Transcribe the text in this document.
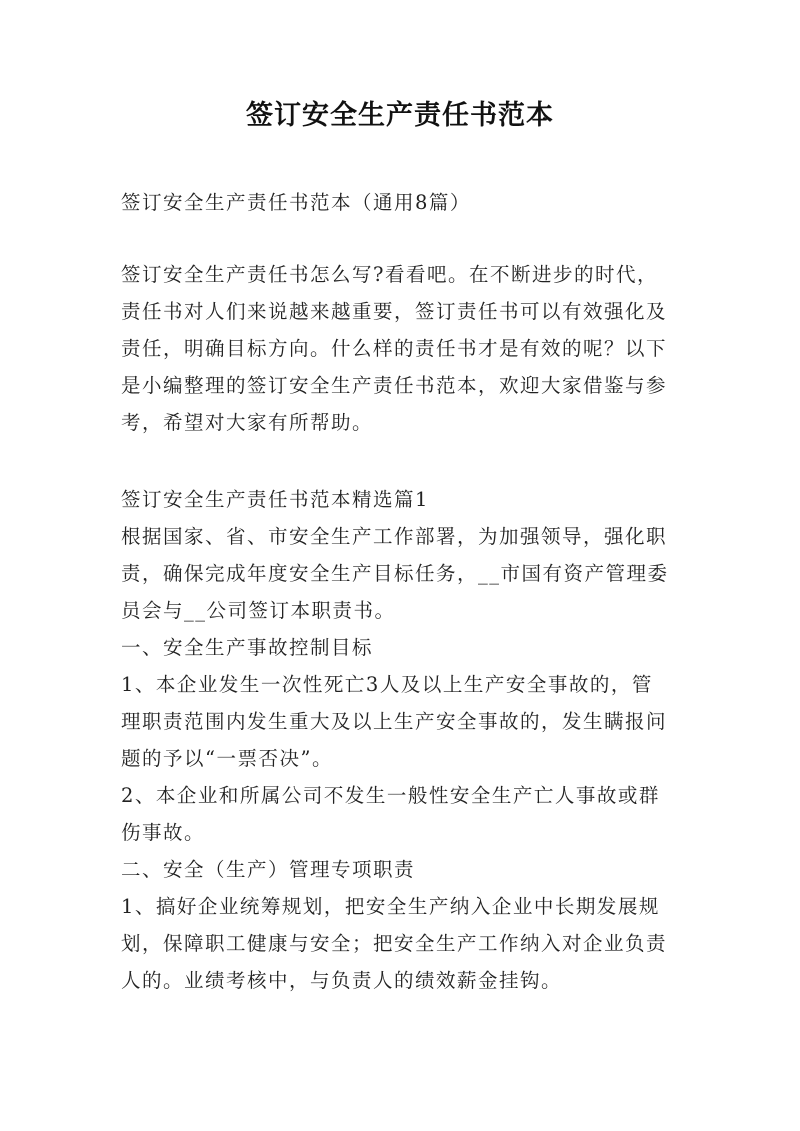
签订安全生产责任书范本
签订安全生产责任书范本（通用8篇）
签订安全生产责任书怎么写?看看吧。在不断进步的时代，
责任书对人们来说越来越重要，签订责任书可以有效强化及
责任，明确目标方向。什么样的责任书才是有效的呢？以下
是小编整理的签订安全生产责任书范本，欢迎大家借鉴与参
考，希望对大家有所帮助。
签订安全生产责任书范本精选篇1
根据国家、省、市安全生产工作部署，为加强领导，强化职
责，确保完成年度安全生产目标任务，__市国有资产管理委
员会与__公司签订本职责书。
一、安全生产事故控制目标
1、本企业发生一次性死亡3人及以上生产安全事故的，管
理职责范围内发生重大及以上生产安全事故的，发生瞒报问
题的予以“一票否决”。
2、本企业和所属公司不发生一般性安全生产亡人事故或群
伤事故。
二、安全（生产）管理专项职责
1、搞好企业统筹规划，把安全生产纳入企业中长期发展规
划，保障职工健康与安全；把安全生产工作纳入对企业负责
人的。业绩考核中，与负责人的绩效薪金挂钩。
